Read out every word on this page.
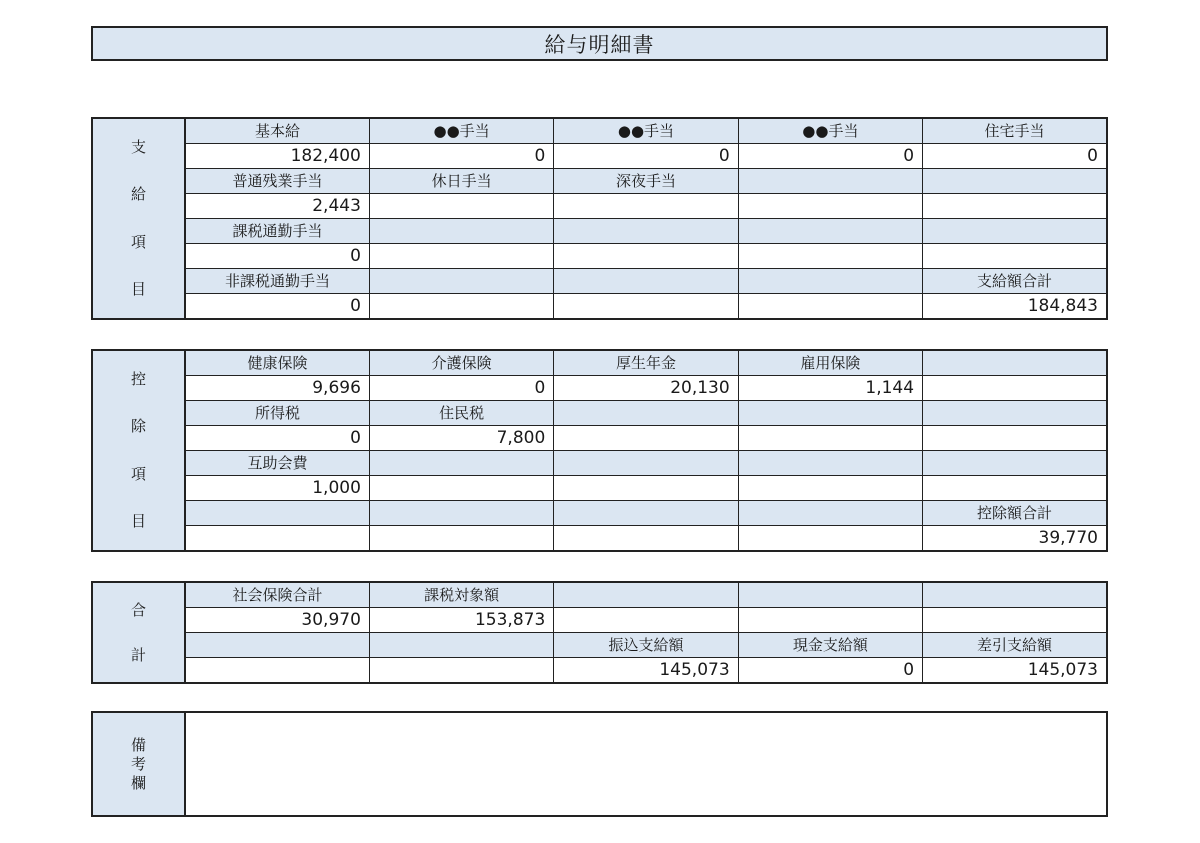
給与明細書
支
給
項
目	基本給	●●手当	●●手当	●●手当	住宅手当
	182,400	0	0	0	0
	普通残業手当	休日手当	深夜手当		
	2,443				
	課税通勤手当				
	0				
	非課税通勤手当				支給額合計
	0				184,843
控
除
項
目	健康保険	介護保険	厚生年金	雇用保険	
	9,696	0	20,130	1,144	
	所得税	住民税			
	0	7,800			
	互助会費				
	1,000				
					控除額合計
					39,770
合
計	社会保険合計	課税対象額			
	30,970	153,873			
			振込支給額	現金支給額	差引支給額
			145,073	0	145,073
備
考
欄
